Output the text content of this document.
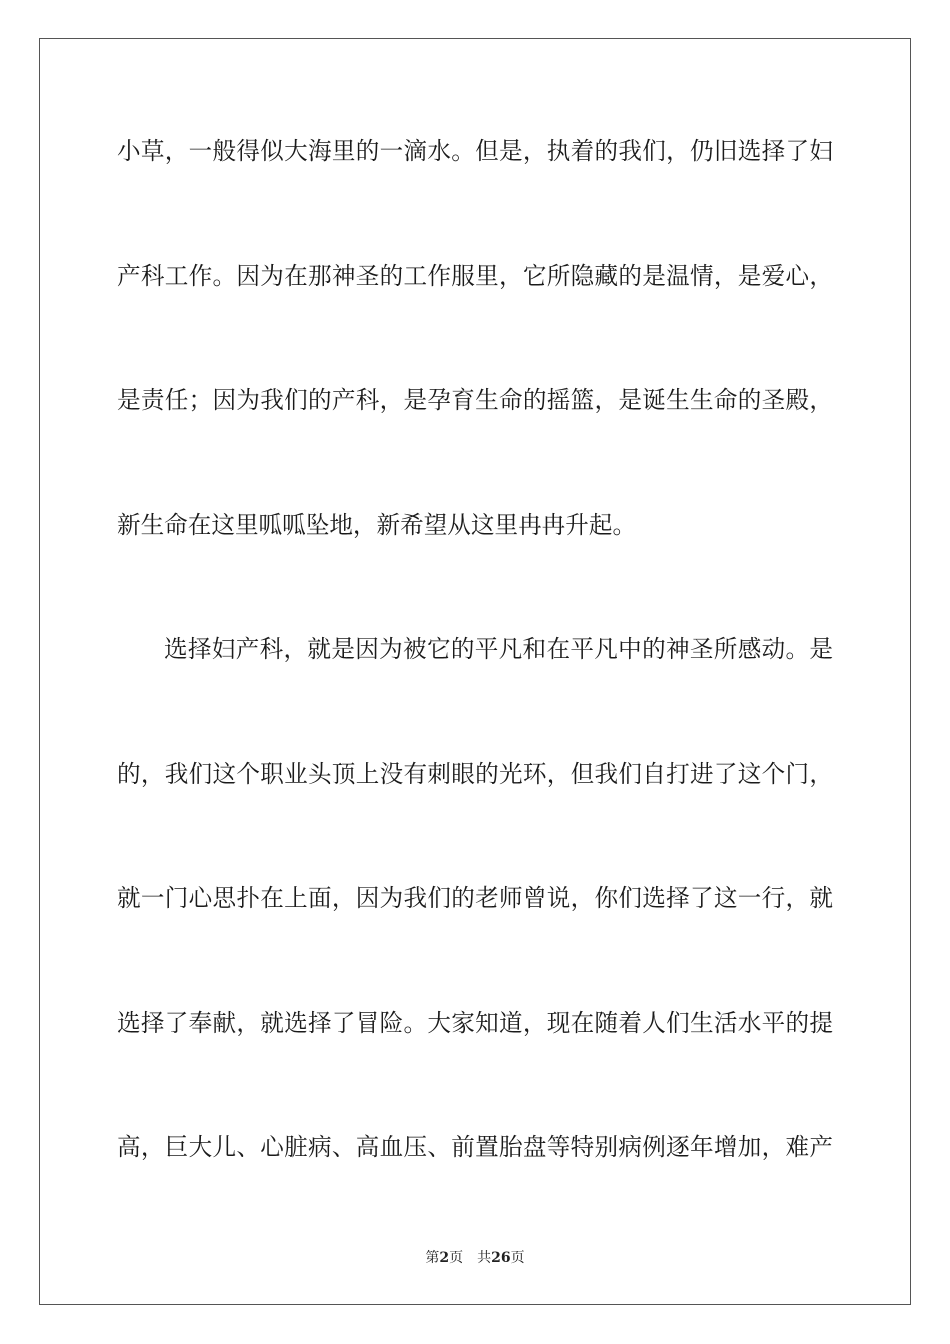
小草，一般得似大海里的一滴水。但是，执着的我们，仍旧选择了妇
产科工作。因为在那神圣的工作服里，它所隐藏的是温情，是爱心，
是责任；因为我们的产科，是孕育生命的摇篮，是诞生生命的圣殿，
新生命在这里呱呱坠地，新希望从这里冉冉升起。
选择妇产科，就是因为被它的平凡和在平凡中的神圣所感动。是
的，我们这个职业头顶上没有刺眼的光环，但我们自打进了这个门，
就一门心思扑在上面，因为我们的老师曾说，你们选择了这一行，就
选择了奉献，就选择了冒险。大家知道，现在随着人们生活水平的提
高，巨大儿、心脏病、高血压、前置胎盘等特别病例逐年增加，难产
第2页 共26页
